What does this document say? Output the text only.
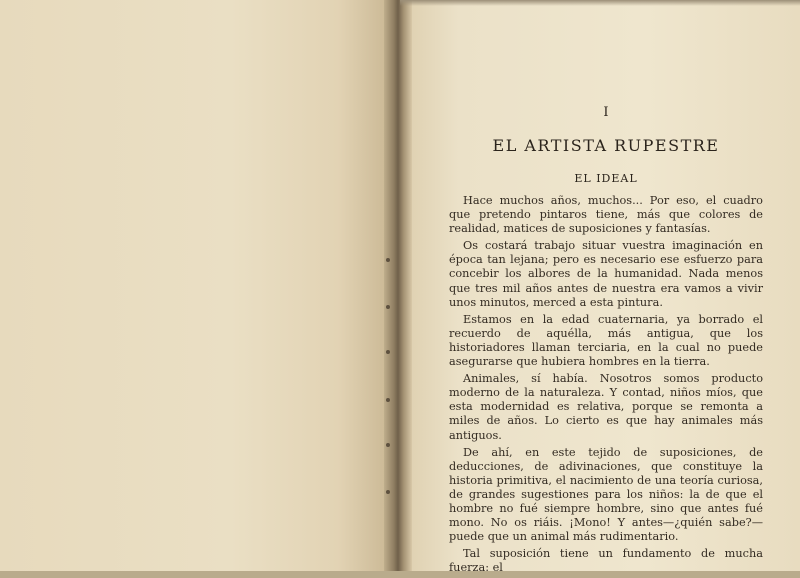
I
EL ARTISTA RUPESTRE
EL IDEAL

Hace muchos años, muchos... Por eso, el cuadro que pretendo pintaros tiene, más que colores de realidad, matices de suposiciones y fantasías.

Os costará trabajo situar vuestra imaginación en época tan lejana; pero es necesario ese esfuerzo para concebir los albores de la humanidad. Nada menos que tres mil años antes de nuestra era vamos a vivir unos minutos, merced a esta pintura.

Estamos en la edad cuaternaria, ya borrado el recuerdo de aquélla, más antigua, que los historiadores llaman terciaria, en la cual no puede asegurarse que hubiera hombres en la tierra.

Animales, sí había. Nosotros somos producto moderno de la naturaleza. Y contad, niños míos, que esta modernidad es relativa, porque se remonta a miles de años. Lo cierto es que hay animales más antiguos.

De ahí, en este tejido de suposiciones, de deducciones, de adivinaciones, que constituye la historia primitiva, el nacimiento de una teoría curiosa, de grandes sugestiones para los niños: la de que el hombre no fué siempre hombre, sino que antes fué mono. No os riáis. ¡Mono! Y antes—¿quién sabe?—puede que un animal más rudimentario.

Tal suposición tiene un fundamento de mucha fuerza: el
